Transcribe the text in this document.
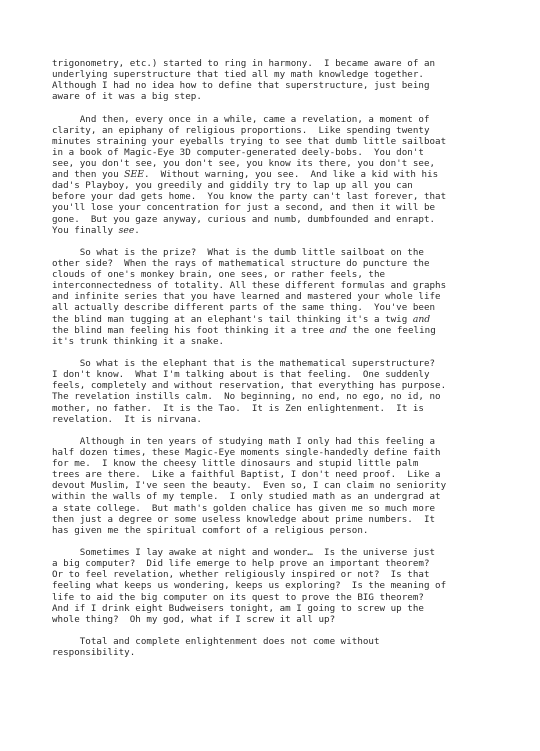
trigonometry, etc.) started to ring in harmony.  I became aware of an
underlying superstructure that tied all my math knowledge together.
Although I had no idea how to define that superstructure, just being
aware of it was a big step.
And then, every once in a while, came a revelation, a moment of
clarity, an epiphany of religious proportions.  Like spending twenty
minutes straining your eyeballs trying to see that dumb little sailboat
in a book of Magic-Eye 3D computer-generated deely-bobs.  You don't
see, you don't see, you don't see, you know its there, you don't see,
and then you SEE.  Without warning, you see.  And like a kid with his
dad's Playboy, you greedily and giddily try to lap up all you can
before your dad gets home.  You know the party can't last forever, that
you'll lose your concentration for just a second, and then it will be
gone.  But you gaze anyway, curious and numb, dumbfounded and enrapt.
You finally see.
So what is the prize?  What is the dumb little sailboat on the
other side?  When the rays of mathematical structure do puncture the
clouds of one's monkey brain, one sees, or rather feels, the
interconnectedness of totality. All these different formulas and graphs
and infinite series that you have learned and mastered your whole life
all actually describe different parts of the same thing.  You've been
the blind man tugging at an elephant's tail thinking it's a twig and
the blind man feeling his foot thinking it a tree and the one feeling
it's trunk thinking it a snake.
So what is the elephant that is the mathematical superstructure?
I don't know.  What I'm talking about is that feeling.  One suddenly
feels, completely and without reservation, that everything has purpose.
The revelation instills calm.  No beginning, no end, no ego, no id, no
mother, no father.  It is the Tao.  It is Zen enlightenment.  It is
revelation.  It is nirvana.
Although in ten years of studying math I only had this feeling a
half dozen times, these Magic-Eye moments single-handedly define faith
for me.  I know the cheesy little dinosaurs and stupid little palm
trees are there.  Like a faithful Baptist, I don't need proof.  Like a
devout Muslim, I've seen the beauty.  Even so, I can claim no seniority
within the walls of my temple.  I only studied math as an undergrad at
a state college.  But math's golden chalice has given me so much more
then just a degree or some useless knowledge about prime numbers.  It
has given me the spiritual comfort of a religious person.
Sometimes I lay awake at night and wonder…  Is the universe just
a big computer?  Did life emerge to help prove an important theorem?
Or to feel revelation, whether religiously inspired or not?  Is that
feeling what keeps us wondering, keeps us exploring?  Is the meaning of
life to aid the big computer on its quest to prove the BIG theorem?
And if I drink eight Budweisers tonight, am I going to screw up the
whole thing?  Oh my god, what if I screw it all up?
Total and complete enlightenment does not come without
responsibility.
